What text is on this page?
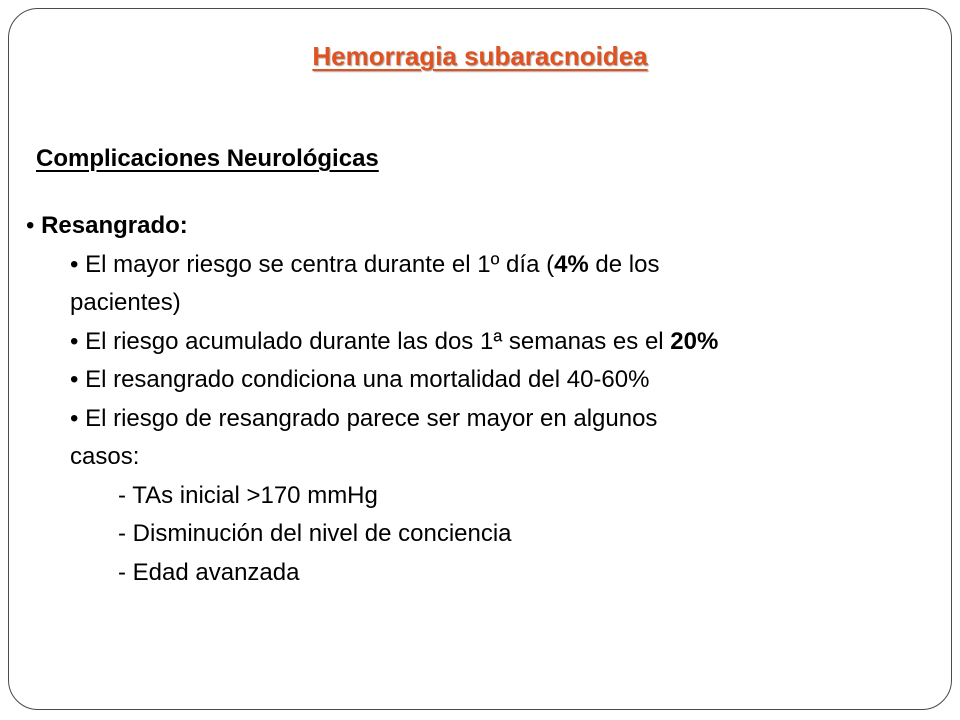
Hemorragia subaracnoidea
Complicaciones Neurológicas

• Resangrado:

• El mayor riesgo se centra durante el 1º día (4% de los

pacientes)

• El riesgo acumulado durante las dos 1ª semanas es el 20%

• El resangrado condiciona una mortalidad del 40-60%

• El riesgo de resangrado parece ser mayor en algunos

casos:

- TAs inicial >170 mmHg

- Disminución del nivel de conciencia

- Edad avanzada
